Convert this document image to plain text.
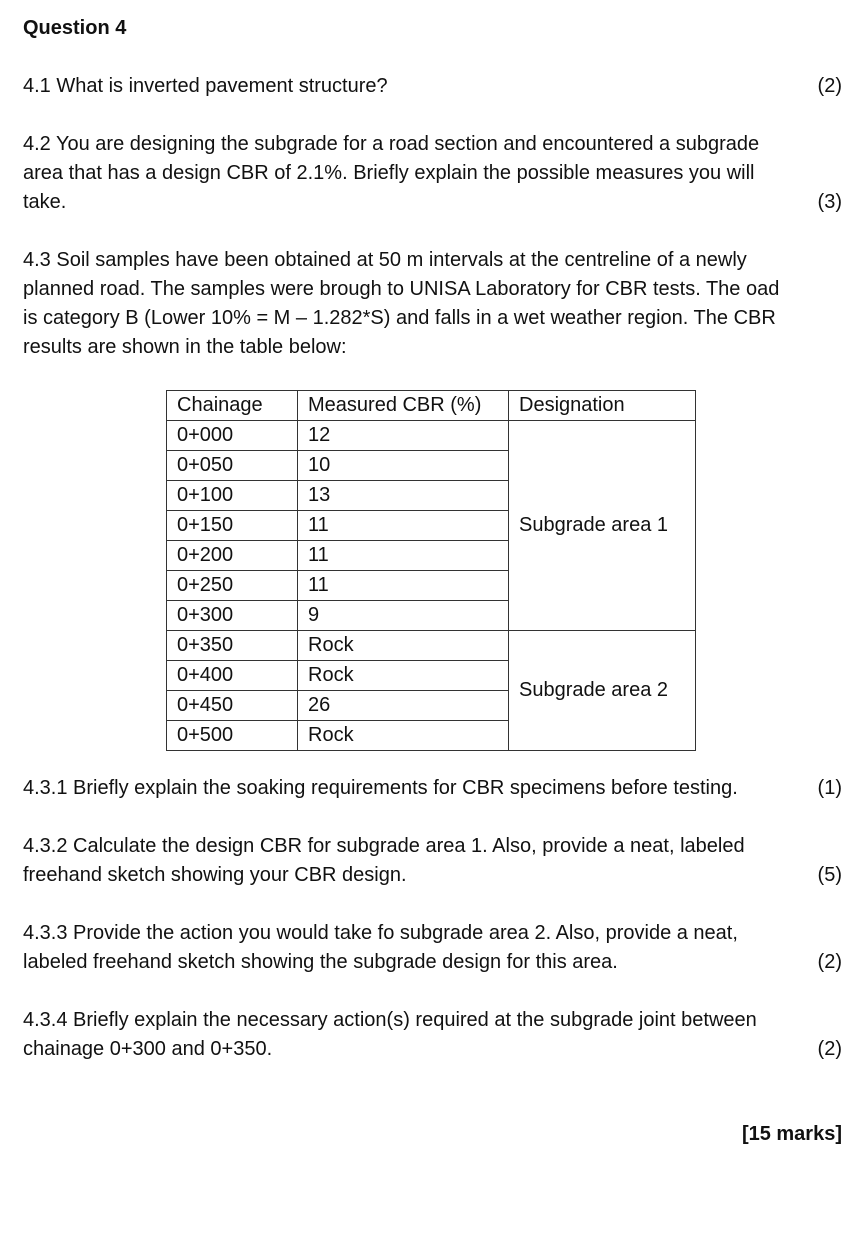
Question 4
4.1 What is inverted pavement structure?	(2)
4.2 You are designing the subgrade for a road section and encountered a subgrade
area that has a design CBR of 2.1%. Briefly explain the possible measures you will
take.	(3)
4.3 Soil samples have been obtained at 50 m intervals at the centreline of a newly
planned road. The samples were brough to UNISA Laboratory for CBR tests. The oad
is category B (Lower 10% = M – 1.282*S) and falls in a wet weather region. The CBR
results are shown in the table below:
Chainage	Measured CBR (%)	Designation
0+000	12	Subgrade area 1
0+050	10	
0+100	13	
0+150	11	
0+200	11	
0+250	11	
0+300	9	
0+350	Rock	Subgrade area 2
0+400	Rock	
0+450	26	
0+500	Rock	
4.3.1 Briefly explain the soaking requirements for CBR specimens before testing.	(1)
4.3.2 Calculate the design CBR for subgrade area 1. Also, provide a neat, labeled
freehand sketch showing your CBR design.	(5)
4.3.3 Provide the action you would take fo subgrade area 2. Also, provide a neat,
labeled freehand sketch showing the subgrade design for this area.	(2)
4.3.4 Briefly explain the necessary action(s) required at the subgrade joint between
chainage 0+300 and 0+350.	(2)
[15 marks]
